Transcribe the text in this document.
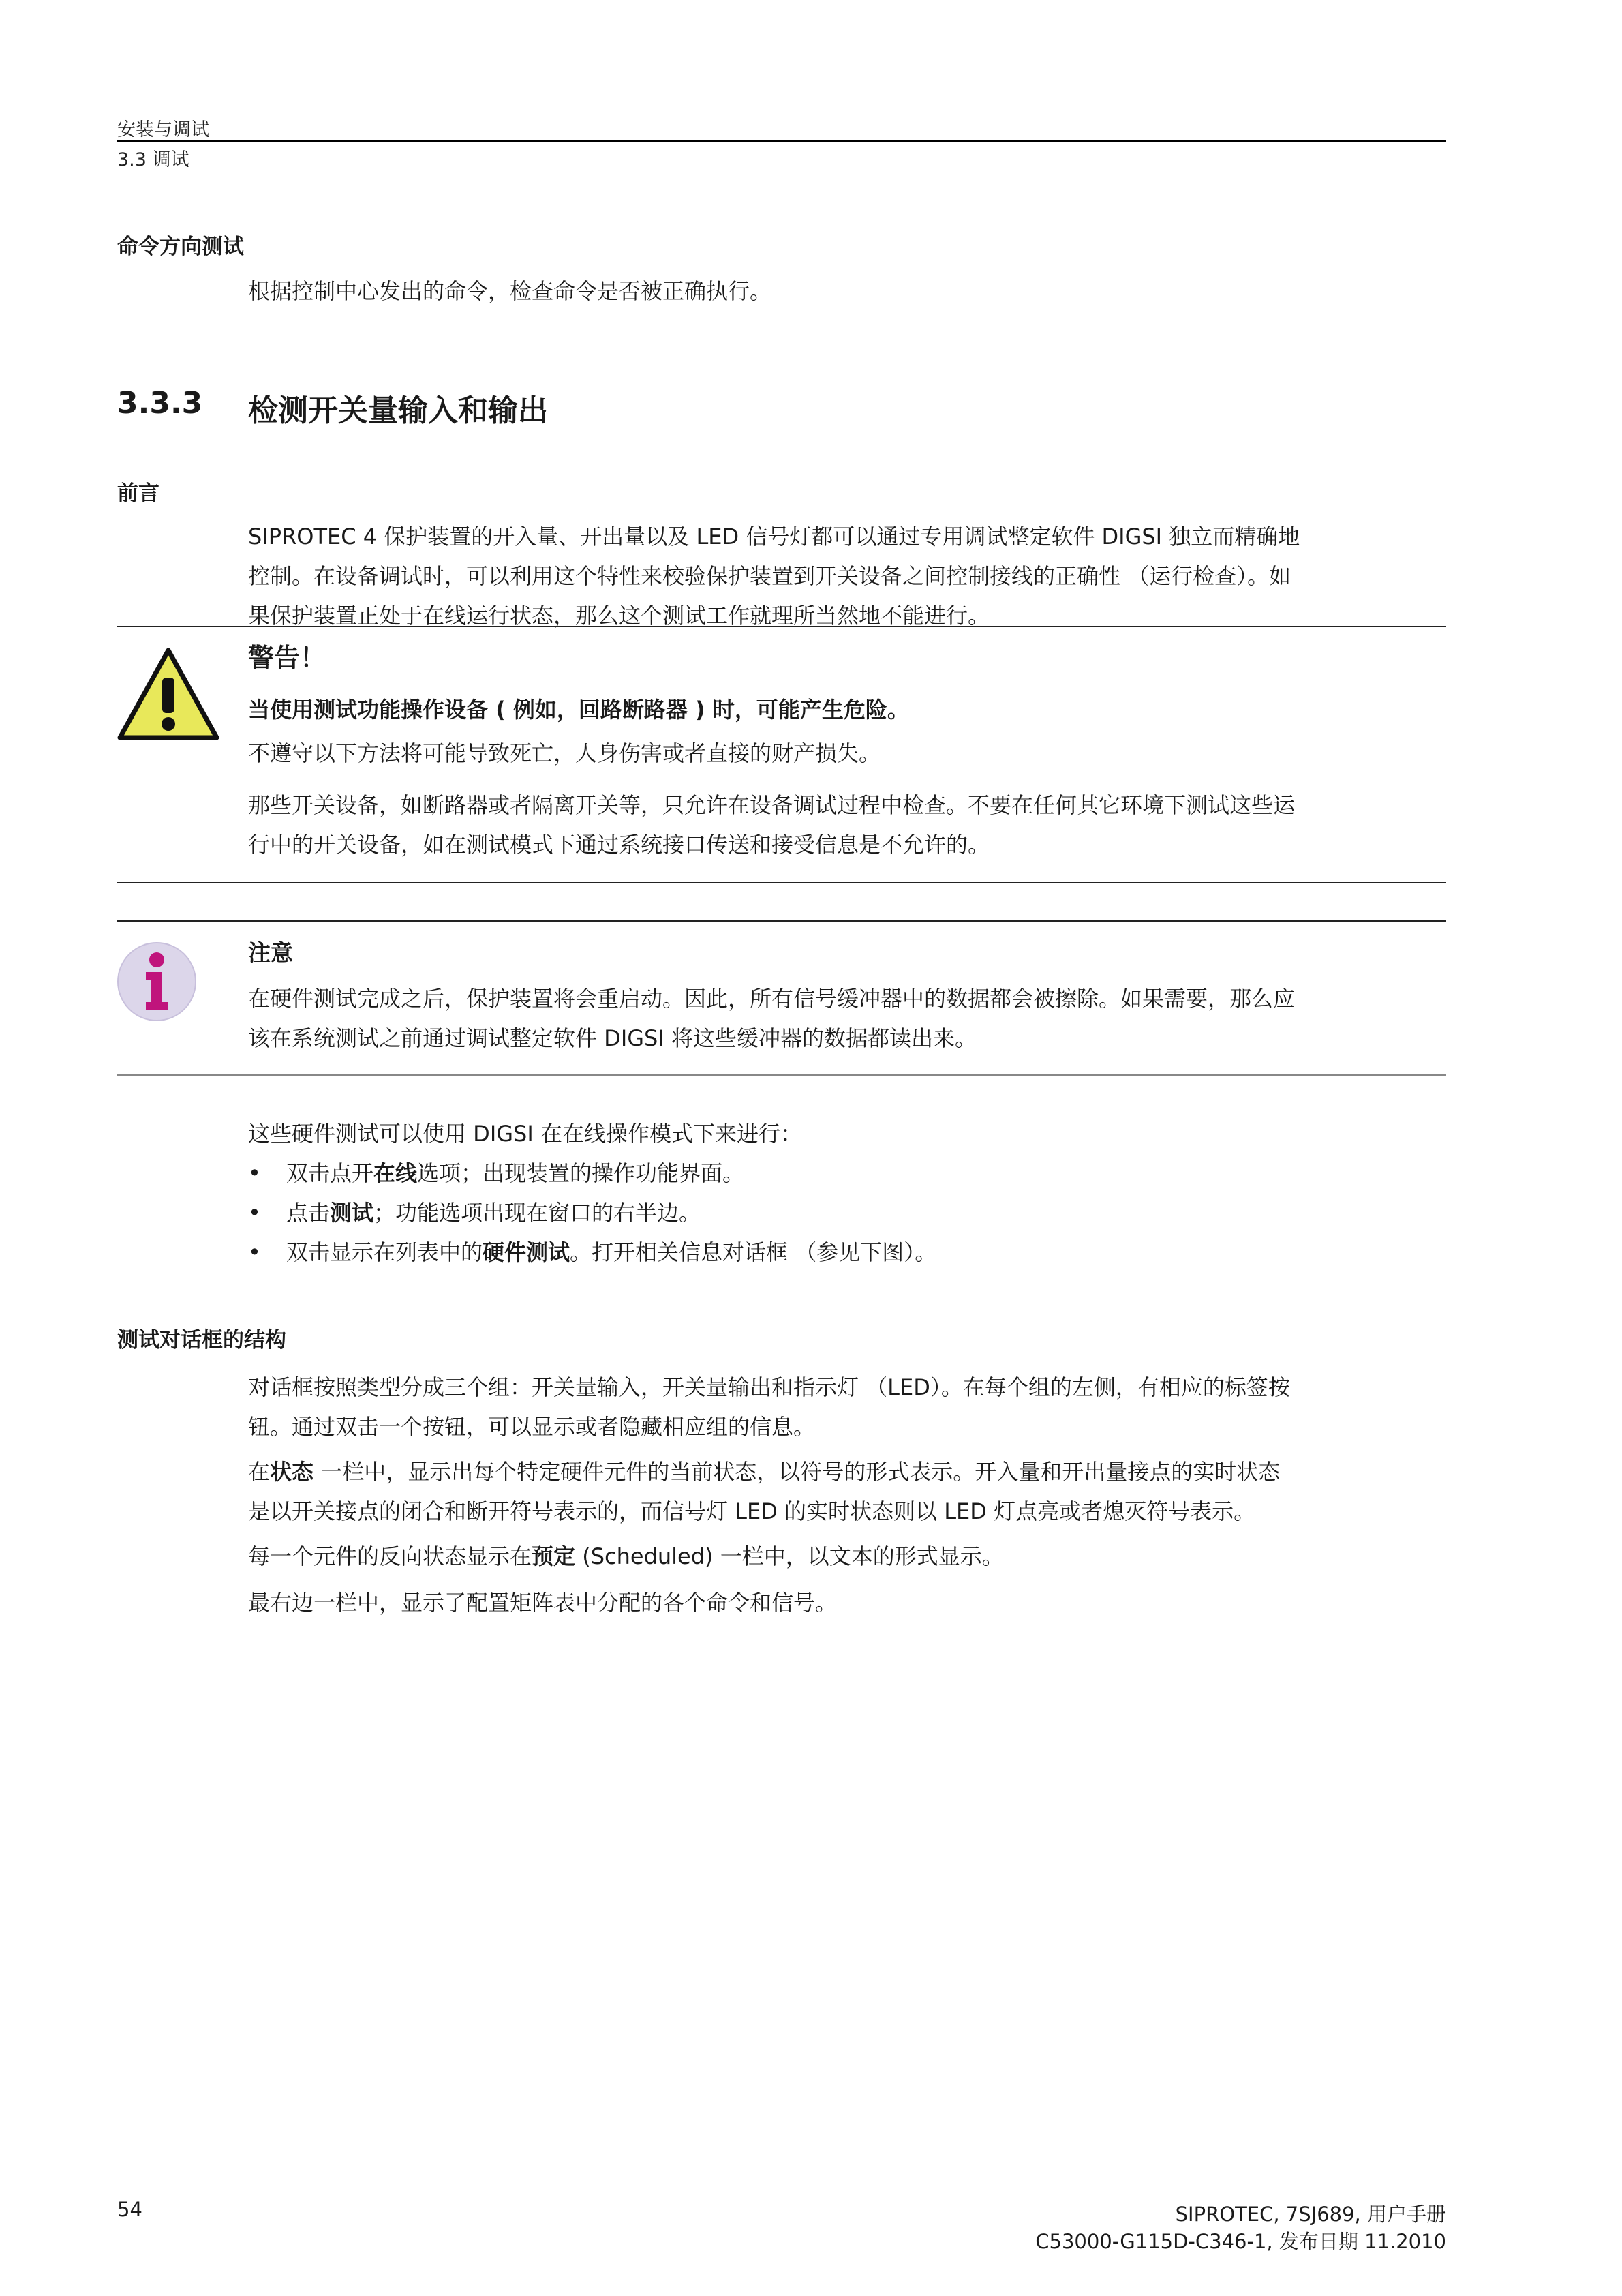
安装与调试
3.3 调试
命令方向测试
根据控制中心发出的命令，检查命令是否被正确执行。
3.3.3 检测开关量输入和输出
前言
SIPROTEC 4 保护装置的开入量、开出量以及 LED 信号灯都可以通过专用调试整定软件 DIGSI 独立而精确地
控制。在设备调试时，可以利用这个特性来校验保护装置到开关设备之间控制接线的正确性 （运行检查）。如
果保护装置正处于在线运行状态，那么这个测试工作就理所当然地不能进行。
警告！
当使用测试功能操作设备 ( 例如，回路断路器 ) 时，可能产生危险。
不遵守以下方法将可能导致死亡，人身伤害或者直接的财产损失。
那些开关设备，如断路器或者隔离开关等，只允许在设备调试过程中检查。不要在任何其它环境下测试这些运
行中的开关设备，如在测试模式下通过系统接口传送和接受信息是不允许的。
注意
在硬件测试完成之后，保护装置将会重启动。因此，所有信号缓冲器中的数据都会被擦除。如果需要，那么应
该在系统测试之前通过调试整定软件 DIGSI 将这些缓冲器的数据都读出来。
这些硬件测试可以使用 DIGSI 在在线操作模式下来进行：
• 双击点开在线选项；出现装置的操作功能界面。
• 点击测试；功能选项出现在窗口的右半边。
• 双击显示在列表中的硬件测试。打开相关信息对话框 （参见下图）。
测试对话框的结构
对话框按照类型分成三个组：开关量输入，开关量输出和指示灯 （LED）。在每个组的左侧，有相应的标签按
钮。通过双击一个按钮，可以显示或者隐藏相应组的信息。
在状态 一栏中，显示出每个特定硬件元件的当前状态，以符号的形式表示。开入量和开出量接点的实时状态
是以开关接点的闭合和断开符号表示的，而信号灯 LED 的实时状态则以 LED 灯点亮或者熄灭符号表示。
每一个元件的反向状态显示在预定 (Scheduled) 一栏中，以文本的形式显示。
最右边一栏中，显示了配置矩阵表中分配的各个命令和信号。
54	SIPROTEC, 7SJ689, 用户手册
C53000-G115D-C346-1, 发布日期 11.2010
